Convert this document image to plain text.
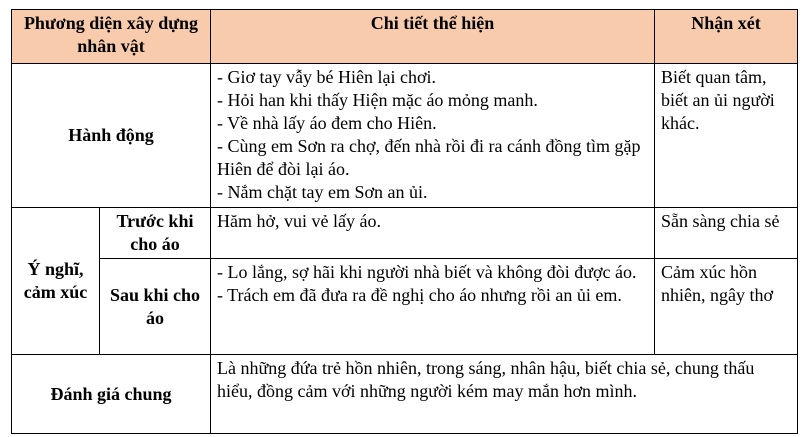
Phương diện xây dựng nhân vật		Chi tiết thể hiện	Nhận xét
Hành động		- Giơ tay vẫy bé Hiên lại chơi.
- Hỏi han khi thấy Hiện mặc áo mỏng manh.
- Về nhà lấy áo đem cho Hiên.
- Cùng em Sơn ra chợ, đến nhà rồi đi ra cánh đồng tìm gặp Hiên để đòi lại áo.
- Nắm chặt tay em Sơn an ủi.	Biết quan tâm, biết an ủi người khác.
Ý nghĩ, cảm xúc	Trước khi cho áo	Hăm hở, vui vẻ lấy áo.	Sẵn sàng chia sẻ
	Sau khi cho áo	- Lo lắng, sợ hãi khi người nhà biết và không đòi được áo.
- Trách em đã đưa ra đề nghị cho áo nhưng rồi an ủi em.	Cảm xúc hồn nhiên, ngây thơ
Đánh giá chung		Là những đứa trẻ hồn nhiên, trong sáng, nhân hậu, biết chia sẻ, chung thấu hiểu, đồng cảm với những người kém may mắn hơn mình.	
